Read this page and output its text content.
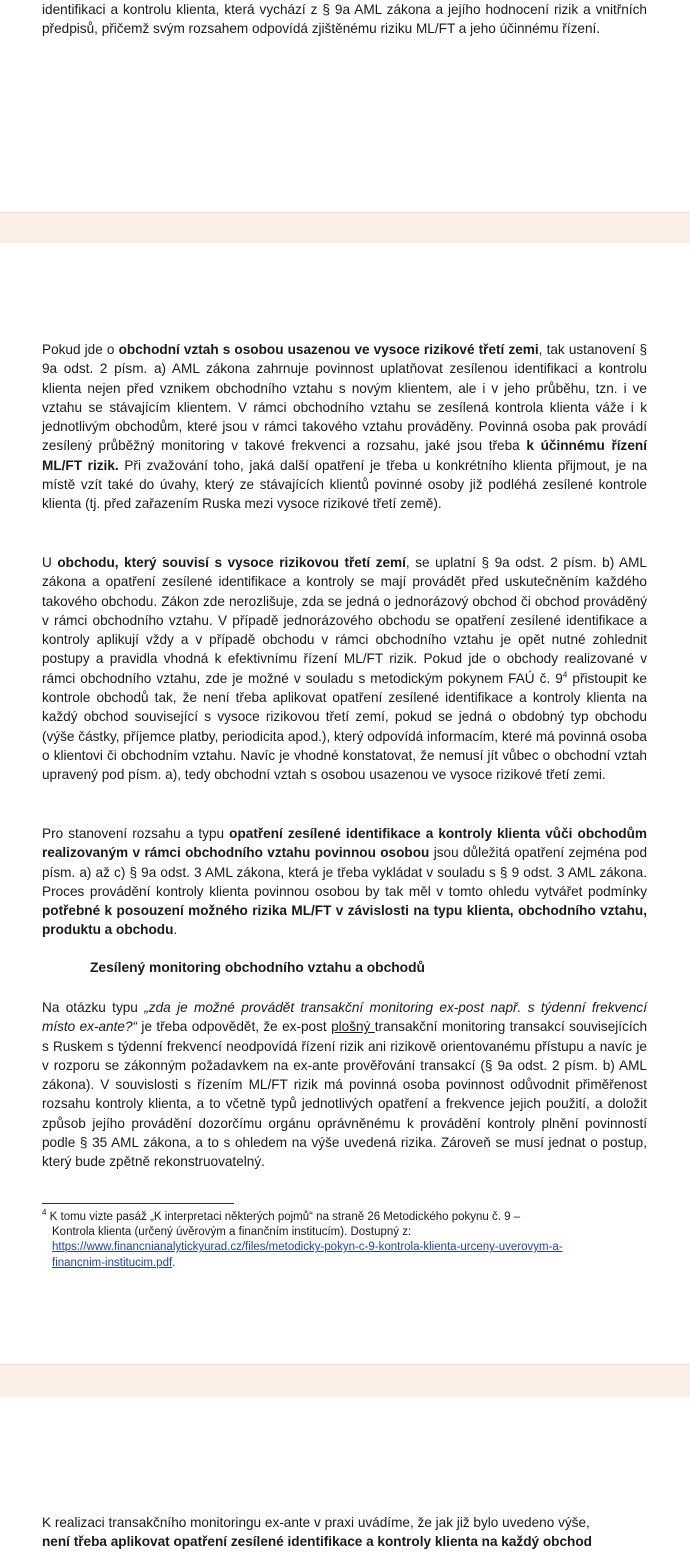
identifikaci a kontrolu klienta, která vychází z § 9a AML zákona a jejího hodnocení rizik a vnitřních předpisů, přičemž svým rozsahem odpovídá zjištěnému riziku ML/FT a jeho účinnému řízení.

Pokud jde o obchodní vztah s osobou usazenou ve vysoce rizikové třetí zemi, tak ustanovení § 9a odst. 2 písm. a) AML zákona zahrnuje povinnost uplatňovat zesílenou identifikaci a kontrolu klienta nejen před vznikem obchodního vztahu s novým klientem, ale i v jeho průběhu, tzn. i ve vztahu se stávajícím klientem. V rámci obchodního vztahu se zesílená kontrola klienta váže i k jednotlivým obchodům, které jsou v rámci takového vztahu prováděny. Povinná osoba pak provádí zesílený průběžný monitoring v takové frekvenci a rozsahu, jaké jsou třeba k účinnému řízení ML/FT rizik. Při zvažování toho, jaká další opatření je třeba u konkrétního klienta přijmout, je na místě vzít také do úvahy, který ze stávajících klientů povinné osoby již podléhá zesílené kontrole klienta (tj. před zařazením Ruska mezi vysoce rizikové třetí země).

U obchodu, který souvisí s vysoce rizikovou třetí zemí, se uplatní § 9a odst. 2 písm. b) AML zákona a opatření zesílené identifikace a kontroly se mají provádět před uskutečněním každého takového obchodu. Zákon zde nerozlišuje, zda se jedná o jednorázový obchod či obchod prováděný v rámci obchodního vztahu. V případě jednorázového obchodu se opatření zesílené identifikace a kontroly aplikují vždy a v případě obchodu v rámci obchodního vztahu je opět nutné zohlednit postupy a pravidla vhodná k efektivnímu řízení ML/FT rizik. Pokud jde o obchody realizované v rámci obchodního vztahu, zde je možné v souladu s metodickým pokynem FAÚ č. $9^4$ přistoupit ke kontrole obchodů tak, že není třeba aplikovat opatření zesílené identifikace a kontroly klienta na každý obchod související s vysoce rizikovou třetí zemí, pokud se jedná o obdobný typ obchodu (výše částky, příjemce platby, periodicita apod.), který odpovídá informacím, které má povinná osoba o klientovi či obchodním vztahu. Navíc je vhodné konstatovat, že nemusí jít vůbec o obchodní vztah upravený pod písm. a), tedy obchodní vztah s osobou usazenou ve vysoce rizikové třetí zemi.

Pro stanovení rozsahu a typu opatření zesílené identifikace a kontroly klienta vůči obchodům realizovaným v rámci obchodního vztahu povinnou osobou jsou důležitá opatření zejména pod písm. a) až c) § 9a odst. 3 AML zákona, která je třeba vykládat v souladu s § 9 odst. 3 AML zákona. Proces provádění kontroly klienta povinnou osobou by tak měl v tomto ohledu vytvářet podmínky potřebné k posouzení možného rizika ML/FT v závislosti na typu klienta, obchodního vztahu, produktu a obchodu.

Zesílený monitoring obchodního vztahu a obchodů

Na otázku typu „zda je možné provádět transakční monitoring ex-post např. s týdenní frekvencí místo ex-ante?“ je třeba odpovědět, že ex-post plošný transakční monitoring transakcí souvisejících s Ruskem s týdenní frekvencí neodpovídá řízení rizik ani rizikově orientovanému přístupu a navíc je v rozporu se zákonným požadavkem na ex-ante prověřování transakcí (§ 9a odst. 2 písm. b) AML zákona). V souvislosti s řízením ML/FT rizik má povinná osoba povinnost odůvodnit přiměřenost rozsahu kontroly klienta, a to včetně typů jednotlivých opatření a frekvence jejich použití, a doložit způsob jejího provádění dozorčímu orgánu oprávněnému k provádění kontroly plnění povinností podle § 35 AML zákona, a to s ohledem na výše uvedená rizika. Zároveň se musí jednat o postup, který bude zpětně rekonstruovatelný.

$^4$ K tomu vizte pasáž „K interpretaci některých pojmů“ na straně 26 Metodického pokynu č. 9 –
Kontrola klienta (určený úvěrovým a finančním institucím). Dostupný z:
https://www.financnianalytickyurad.cz/files/metodicky-pokyn-c-9-kontrola-klienta-urceny-uverovym-a-
financnim-institucim.pdf.

K realizaci transakčního monitoringu ex-ante v praxi uvádíme, že jak již bylo uvedeno výše,
není třeba aplikovat opatření zesílené identifikace a kontroly klienta na každý obchod
